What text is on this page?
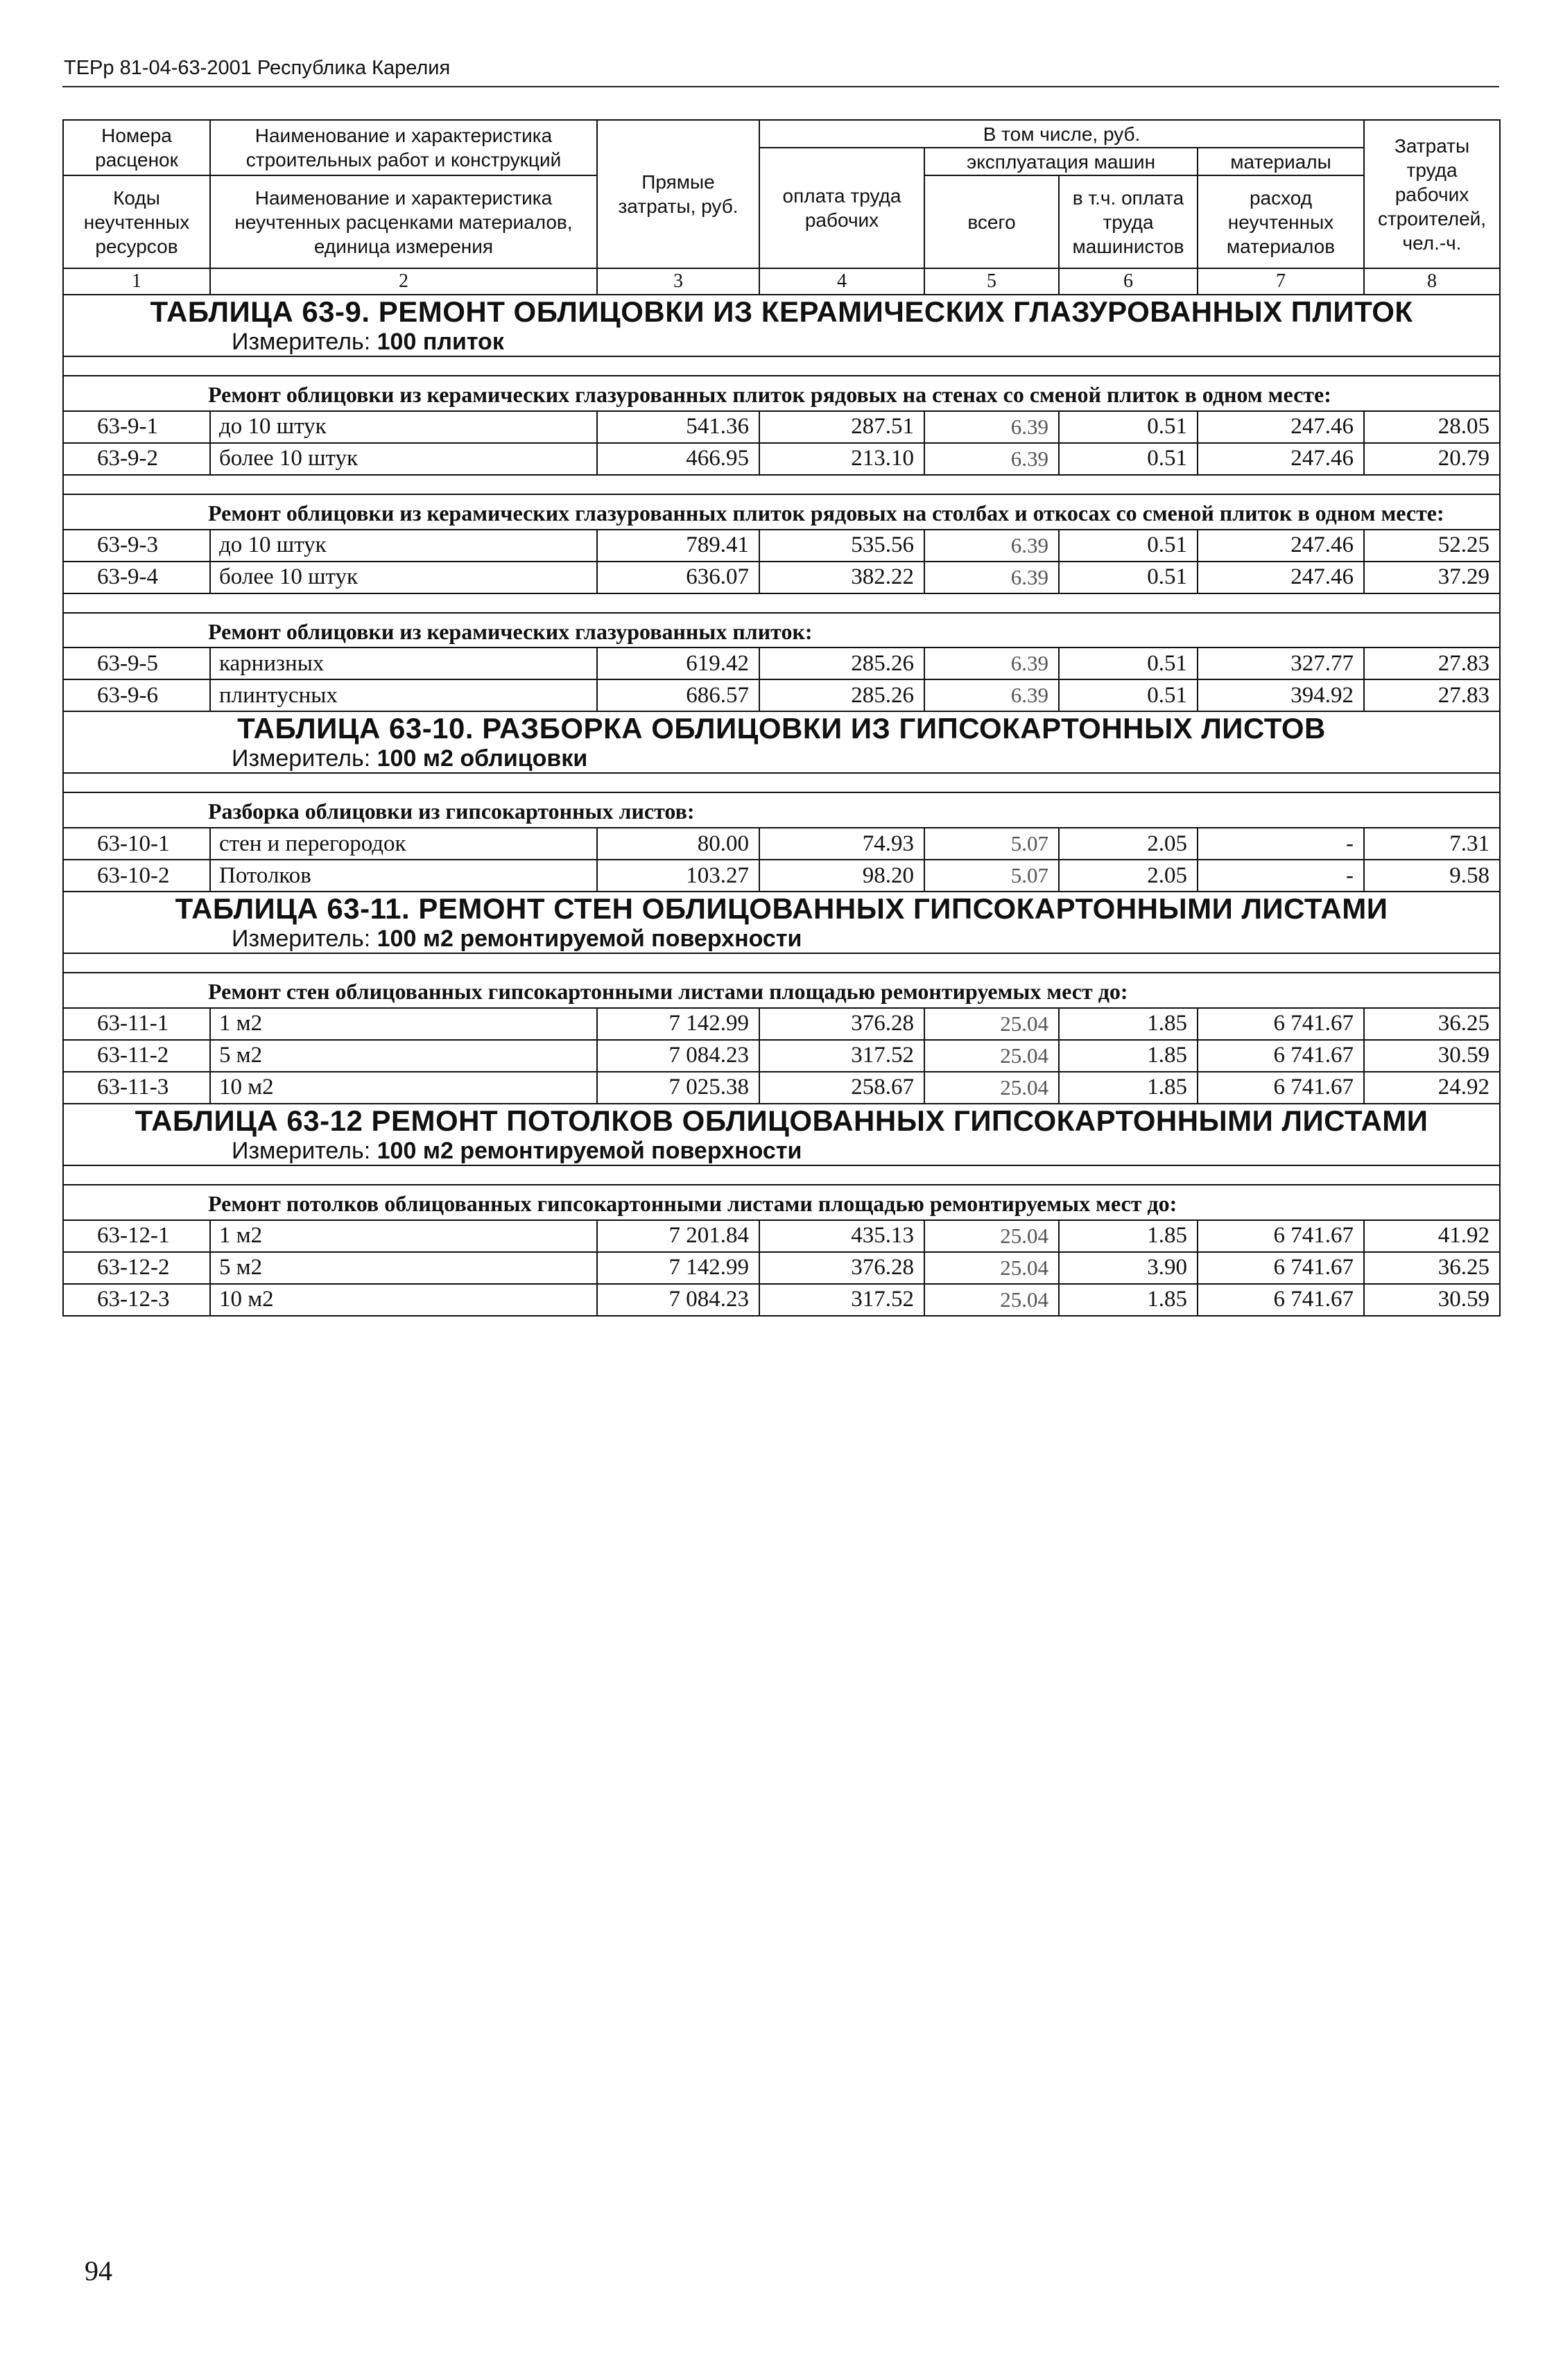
ТЕРр 81-04-63-2001 Республика Карелия
Номера расценок	Наименование и характеристика строительных работ и конструкций	Прямые затраты, руб.	В том числе, руб.				Затраты труда рабочих строителей, чел.-ч.
			оплата труда рабочих	эксплуатация машин		материалы	
Коды неучтенных ресурсов	Наименование и характеристика неучтенных расценками материалов, единица измерения			всего	в т.ч. оплата труда машинистов	расход неучтенных материалов	

1	2	3	4	5	6	7	8

ТАБЛИЦА 63-9. РЕМОНТ ОБЛИЦОВКИ ИЗ КЕРАМИЧЕСКИХ ГЛАЗУРОВАННЫХ ПЛИТОК
Измеритель: 100 плиток							

Ремонт облицовки из керамических глазурованных плиток рядовых на стенах со сменой плиток в одном месте:							
63-9-1	до 10 штук	541.36	287.51	6.39	0.51	247.46	28.05
63-9-2	более 10 штук	466.95	213.10	6.39	0.51	247.46	20.79

Ремонт облицовки из керамических глазурованных плиток рядовых на столбах и откосах со сменой плиток в одном месте:							
63-9-3	до 10 штук	789.41	535.56	6.39	0.51	247.46	52.25
63-9-4	более 10 штук	636.07	382.22	6.39	0.51	247.46	37.29

Ремонт облицовки из керамических глазурованных плиток:							
63-9-5	карнизных	619.42	285.26	6.39	0.51	327.77	27.83
63-9-6	плинтусных	686.57	285.26	6.39	0.51	394.92	27.83

ТАБЛИЦА 63-10. РАЗБОРКА ОБЛИЦОВКИ ИЗ ГИПСОКАРТОННЫХ ЛИСТОВ
Измеритель: 100 м2 облицовки							

Разборка облицовки из гипсокартонных листов:							
63-10-1	стен и перегородок	80.00	74.93	5.07	2.05	-	7.31
63-10-2	Потолков	103.27	98.20	5.07	2.05	-	9.58

ТАБЛИЦА 63-11. РЕМОНТ СТЕН ОБЛИЦОВАННЫХ ГИПСОКАРТОННЫМИ ЛИСТАМИ
Измеритель: 100 м2 ремонтируемой поверхности							

Ремонт стен облицованных гипсокартонными листами площадью ремонтируемых мест до:							
63-11-1	1 м2	7 142.99	376.28	25.04	1.85	6 741.67	36.25
63-11-2	5 м2	7 084.23	317.52	25.04	1.85	6 741.67	30.59
63-11-3	10 м2	7 025.38	258.67	25.04	1.85	6 741.67	24.92

ТАБЛИЦА 63-12 РЕМОНТ ПОТОЛКОВ ОБЛИЦОВАННЫХ ГИПСОКАРТОННЫМИ ЛИСТАМИ
Измеритель: 100 м2 ремонтируемой поверхности							

Ремонт потолков облицованных гипсокартонными листами площадью ремонтируемых мест до:							
63-12-1	1 м2	7 201.84	435.13	25.04	1.85	6 741.67	41.92
63-12-2	5 м2	7 142.99	376.28	25.04	3.90	6 741.67	36.25
63-12-3	10 м2	7 084.23	317.52	25.04	1.85	6 741.67	30.59
94
